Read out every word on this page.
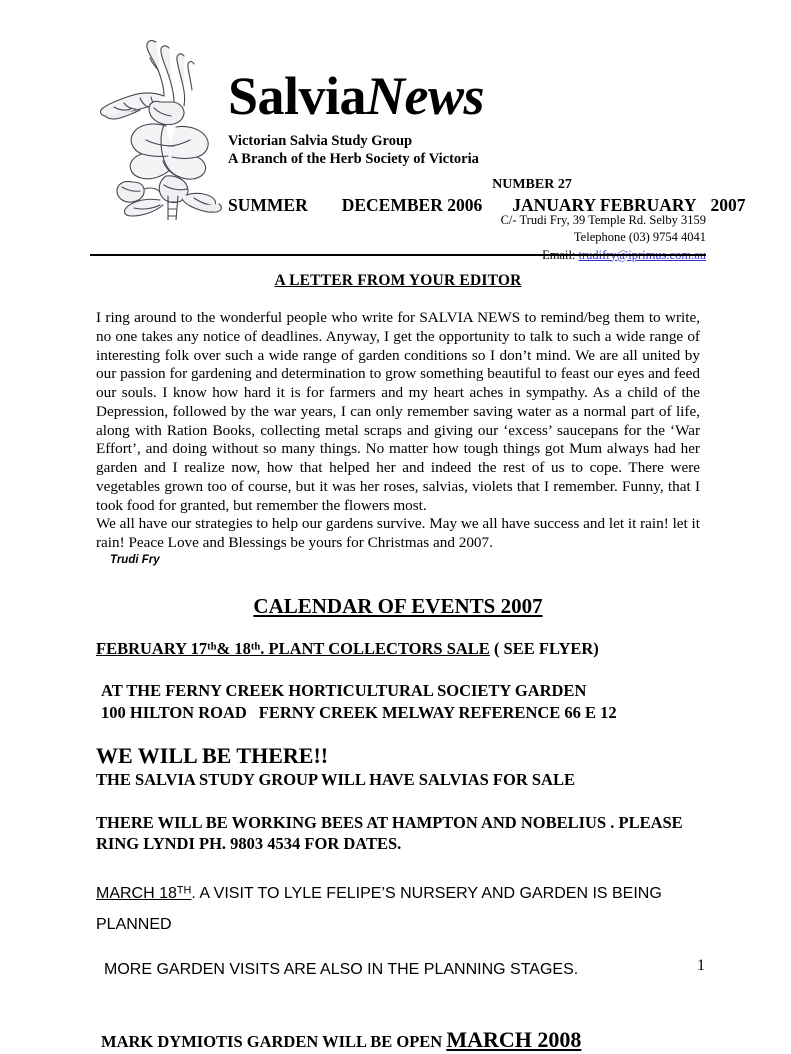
SalviaNews
Victorian Salvia Study Group
A Branch of the Herb Society of Victoria
NUMBER 27
SUMMER DECEMBER 2006 JANUARY FEBRUARY 2007
C/- Trudi Fry, 39 Temple Rd. Selby 3159
Telephone (03) 9754 4041
Email: trudifry@iprimus.com.au
A LETTER FROM YOUR EDITOR

I ring around to the wonderful people who write for SALVIA NEWS to remind/beg them to write, no one takes any notice of deadlines. Anyway, I get the opportunity to talk to such a wide range of interesting folk over such a wide range of garden conditions so I don’t mind. We are all united by our passion for gardening and determination to grow something beautiful to feast our eyes and feed our souls. I know how hard it is for farmers and my heart aches in sympathy. As a child of the Depression, followed by the war years, I can only remember saving water as a normal part of life, along with Ration Books, collecting metal scraps and giving our ‘excess’ saucepans for the ‘War Effort’, and doing without so many things. No matter how tough things got Mum always had her garden and I realize now, how that helped her and indeed the rest of us to cope. There were vegetables grown too of course, but it was her roses, salvias, violets that I remember. Funny, that I took food for granted, but remember the flowers most.

We all have our strategies to help our gardens survive. May we all have success and let it rain! let it rain! Peace Love and Blessings be yours for Christmas and 2007.

Trudi Fry
CALENDAR OF EVENTS 2007
FEBRUARY 17th& 18th. PLANT COLLECTORS SALE ( SEE FLYER)
AT THE FERNY CREEK HORTICULTURAL SOCIETY GARDEN
100 HILTON ROAD FERNY CREEK MELWAY REFERENCE 66 E 12
WE WILL BE THERE!!
THE SALVIA STUDY GROUP WILL HAVE SALVIAS FOR SALE
THERE WILL BE WORKING BEES AT HAMPTON AND NOBELIUS . PLEASE
RING LYNDI PH. 9803 4534 FOR DATES.
MARCH 18TH. A VISIT TO LYLE FELIPE’S NURSERY AND GARDEN IS BEING
PLANNED
MORE GARDEN VISITS ARE ALSO IN THE PLANNING STAGES.
MARK DYMIOTIS GARDEN WILL BE OPEN MARCH 2008
1
